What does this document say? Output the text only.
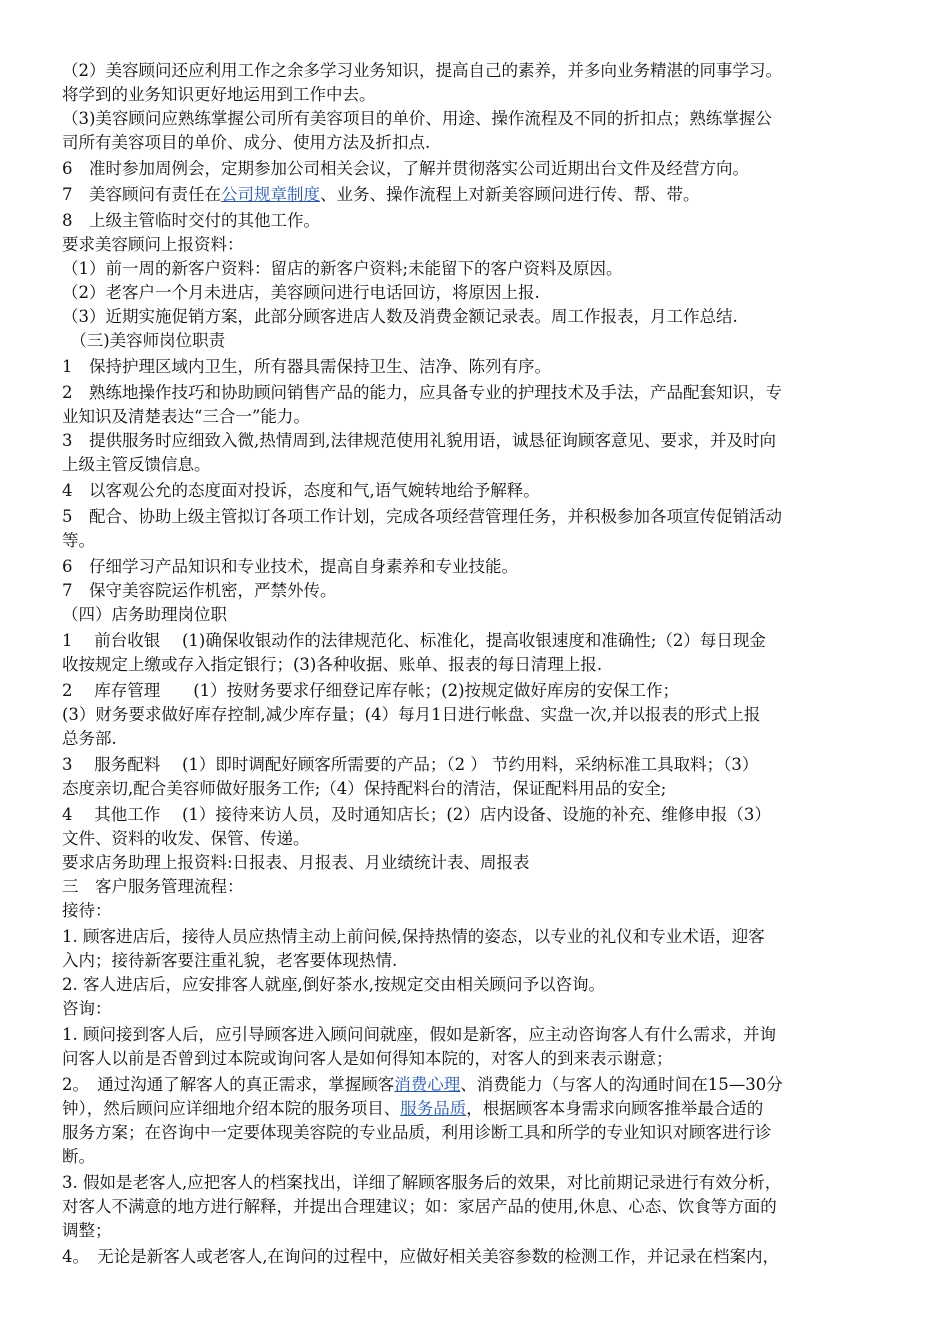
（2）美容顾问还应利用工作之余多学习业务知识，提高自己的素养，并多向业务精湛的同事学习。
将学到的业务知识更好地运用到工作中去。
（3)美容顾问应熟练掌握公司所有美容项目的单价、用途、操作流程及不同的折扣点；熟练掌握公
司所有美容项目的单价、成分、使用方法及折扣点.
6　准时参加周例会，定期参加公司相关会议，了解并贯彻落实公司近期出台文件及经营方向。
7　美容顾问有责任在公司规章制度、业务、操作流程上对新美容顾问进行传、帮、带。
8　上级主管临时交付的其他工作。
要求美容顾问上报资料：
（1）前一周的新客户资料：留店的新客户资料;未能留下的客户资料及原因。
（2）老客户一个月未进店，美容顾问进行电话回访，将原因上报.
（3）近期实施促销方案，此部分顾客进店人数及消费金额记录表。周工作报表，月工作总结.
　（三)美容师岗位职责
1　保持护理区域内卫生，所有器具需保持卫生、洁净、陈列有序。
2　熟练地操作技巧和协助顾问销售产品的能力，应具备专业的护理技术及手法，产品配套知识，专
业知识及清楚表达“三合一”能力。
3　提供服务时应细致入微,热情周到,法律规范使用礼貌用语，诚恳征询顾客意见、要求，并及时向
上级主管反馈信息。
4　以客观公允的态度面对投诉，态度和气,语气婉转地给予解释。
5　配合、协助上级主管拟订各项工作计划，完成各项经营管理任务，并积极参加各项宣传促销活动
等。
6　仔细学习产品知识和专业技术，提高自身素养和专业技能。
7　保守美容院运作机密，严禁外传。
（四）店务助理岗位职
1　 前台收银　 (1)确保收银动作的法律规范化、标准化，提高收银速度和准确性;（2）每日现金
收按规定上缴或存入指定银行；(3)各种收据、账单、报表的每日清理上报.
2　 库存管理　　(1）按财务要求仔细登记库存帐；(2)按规定做好库房的安保工作；
(3）财务要求做好库存控制,减少库存量；(4）每月1日进行帐盘、实盘一次,并以报表的形式上报
总务部.
3　 服务配料　 (1）即时调配好顾客所需要的产品；（2 ） 节约用料，采纳标准工具取料；（3）
态度亲切,配合美容师做好服务工作;（4）保持配料台的清洁，保证配料用品的安全;
4　 其他工作　 (1）接待来访人员，及时通知店长；(2）店内设备、设施的补充、维修申报（3）
文件、资料的收发、保管、传递。
要求店务助理上报资料:日报表、月报表、月业绩统计表、周报表
三　客户服务管理流程：
接待：
1. 顾客进店后，接待人员应热情主动上前问候,保持热情的姿态，以专业的礼仪和专业术语，迎客
入内；接待新客要注重礼貌，老客要体现热情.
2. 客人进店后，应安排客人就座,倒好茶水,按规定交由相关顾问予以咨询。
咨询：
1. 顾问接到客人后，应引导顾客进入顾问间就座，假如是新客，应主动咨询客人有什么需求，并询
问客人以前是否曾到过本院或询问客人是如何得知本院的，对客人的到来表示谢意；
2。　通过沟通了解客人的真正需求，掌握顾客消费心理、消费能力（与客人的沟通时间在15—30分
钟），然后顾问应详细地介绍本院的服务项目、服务品质，根据顾客本身需求向顾客推举最合适的
服务方案；在咨询中一定要体现美容院的专业品质，利用诊断工具和所学的专业知识对顾客进行诊
断。
3. 假如是老客人,应把客人的档案找出，详细了解顾客服务后的效果，对比前期记录进行有效分析，
对客人不满意的地方进行解释，并提出合理建议；如：家居产品的使用,休息、心态、饮食等方面的
调整；
4。　无论是新客人或老客人,在询问的过程中，应做好相关美容参数的检测工作，并记录在档案内，
